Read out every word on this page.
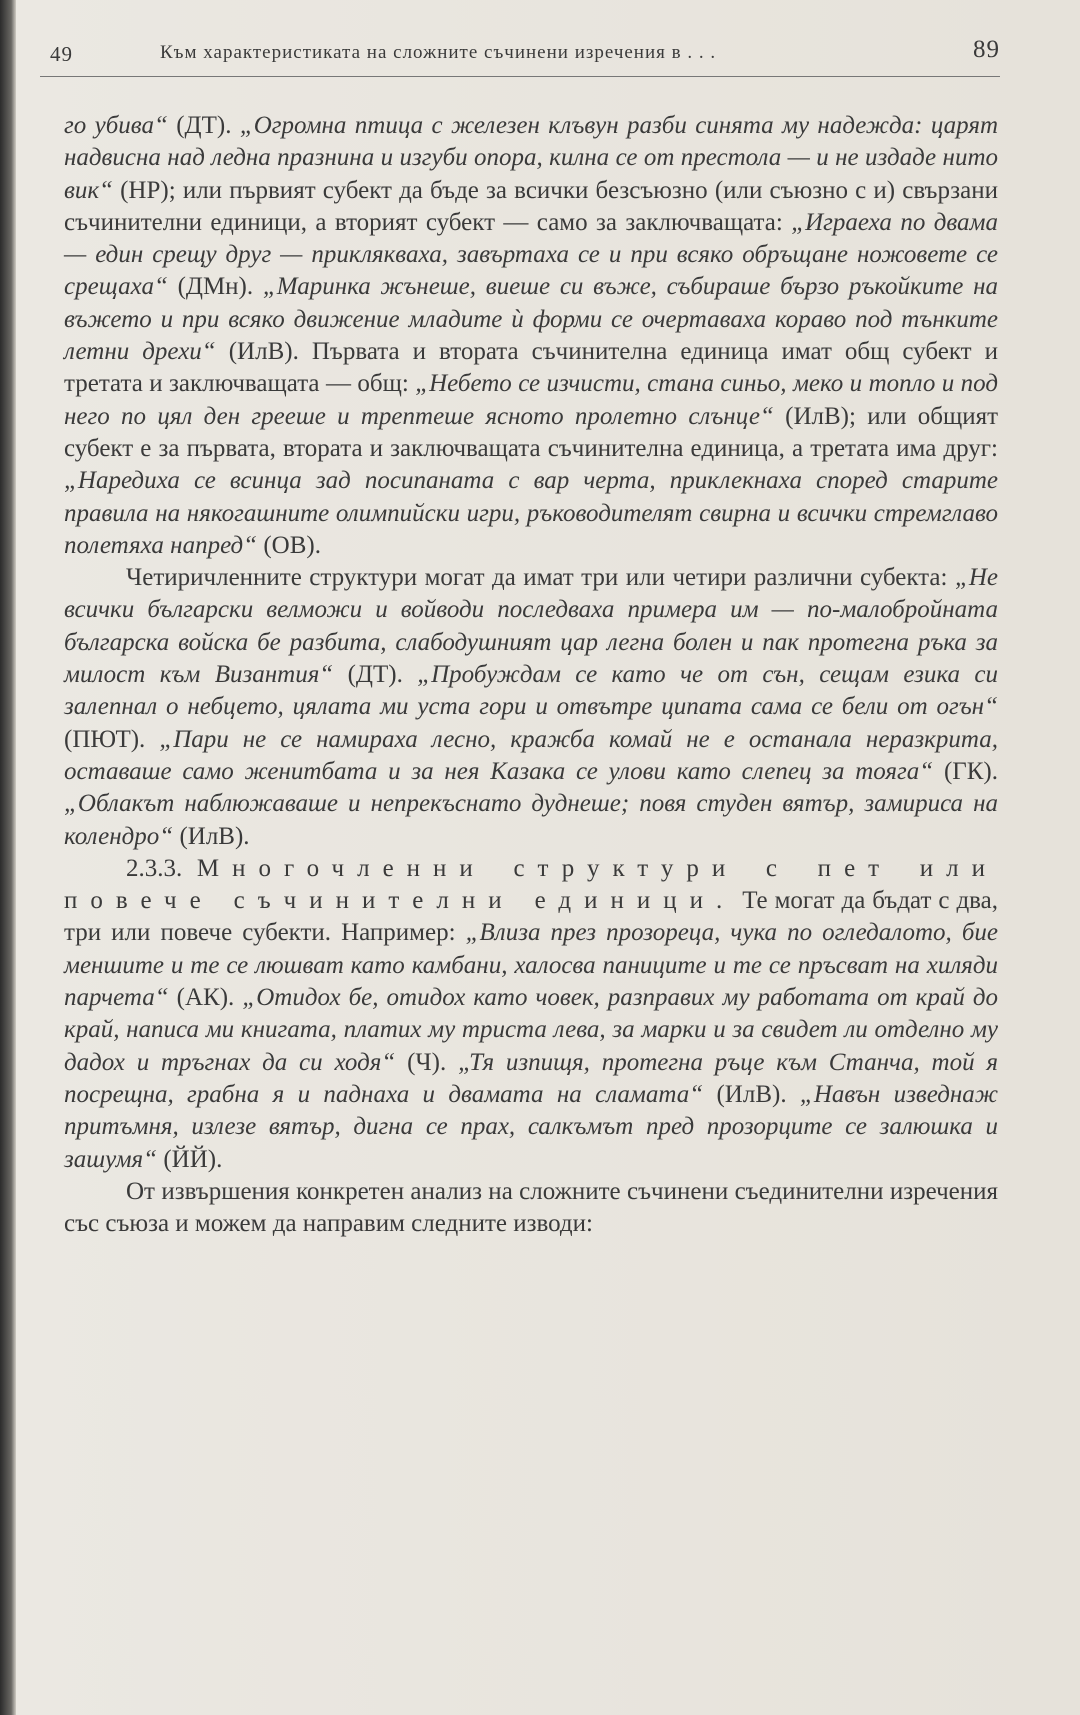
49	Към характеристиката на сложните съчинени изречения в . . .	89

го убива“ (ДТ). „Огромна птица с железен клъвун разби синята му надежда: царят надвисна над ледна празнина и изгуби опора, килна се от престола — и не издаде нито вик“ (НР); или първият субект да бъде за всички безсъюзно (или съюзно с и) свързани съчинителни единици, а вторият субект — само за заключващата: „Играеха по двама — един срещу друг — приклякваха, завъртаха се и при всяко обръщане ножовете се срещаха“ (ДМн). „Маринка жънеше, виеше си въже, събираше бързо ръкойките на въжето и при всяко движение младите ѝ форми се очертаваха кораво под тънките летни дрехи“ (ИлВ). Първата и втората съчинителна единица имат общ субект и третата и заключващата — общ: „Небето се изчисти, стана синьо, меко и топло и под него по цял ден грееше и трептеше ясното пролетно слънце“ (ИлВ); или общият субект е за първата, втората и заключващата съчинителна единица, а третата има друг: „Наредиха се всинца зад посипаната с вар черта, приклекнаха според старите правила на някогашните олимпийски игри, ръководителят свирна и всички стремглаво полетяха напред“ (ОВ).

Четиричленните структури могат да имат три или четири различни субекта: „Не всички български велможи и войводи последваха примера им — по-малобройната българска войска бе разбита, слабодушният цар легна болен и пак протегна ръка за милост към Византия“ (ДТ). „Пробуждам се като че от сън, сещам езика си залепнал о небцето, цялата ми уста гори и отвътре ципата сама се бели от огън“ (ПЮТ). „Пари не се намираха лесно, кражба комай не е останала неразкрита, оставаше само женитбата и за нея Казака се улови като слепец за тояга“ (ГК). „Облакът наблюжаваше и непрекъснато дуднеше; повя студен вятър, замириса на колендро“ (ИлВ).

2.3.3. Многочленни структури с пет или повече съчинителни единици. Те могат да бъдат с два, три или повече субекти. Например: „Влиза през прозореца, чука по огледалото, бие меншите и те се люшват като камбани, халосва паниците и те се пръсват на хиляди парчета“ (АК). „Отидох бе, отидох като човек, разправих му работата от край до край, написа ми книгата, платих му триста лева, за марки и за свидет ли отделно му дадох и тръгнах да си ходя“ (Ч). „Тя изпищя, протегна ръце към Станча, той я посрещна, грабна я и паднаха и двамата на сламата“ (ИлВ). „Навън изведнаж притъмня, излезе вятър, дигна се прах, салкъмът пред прозорците се залюшка и зашумя“ (ЙЙ).

От извършения конкретен анализ на сложните съчинени съединителни изречения със съюза и можем да направим следните изводи:
